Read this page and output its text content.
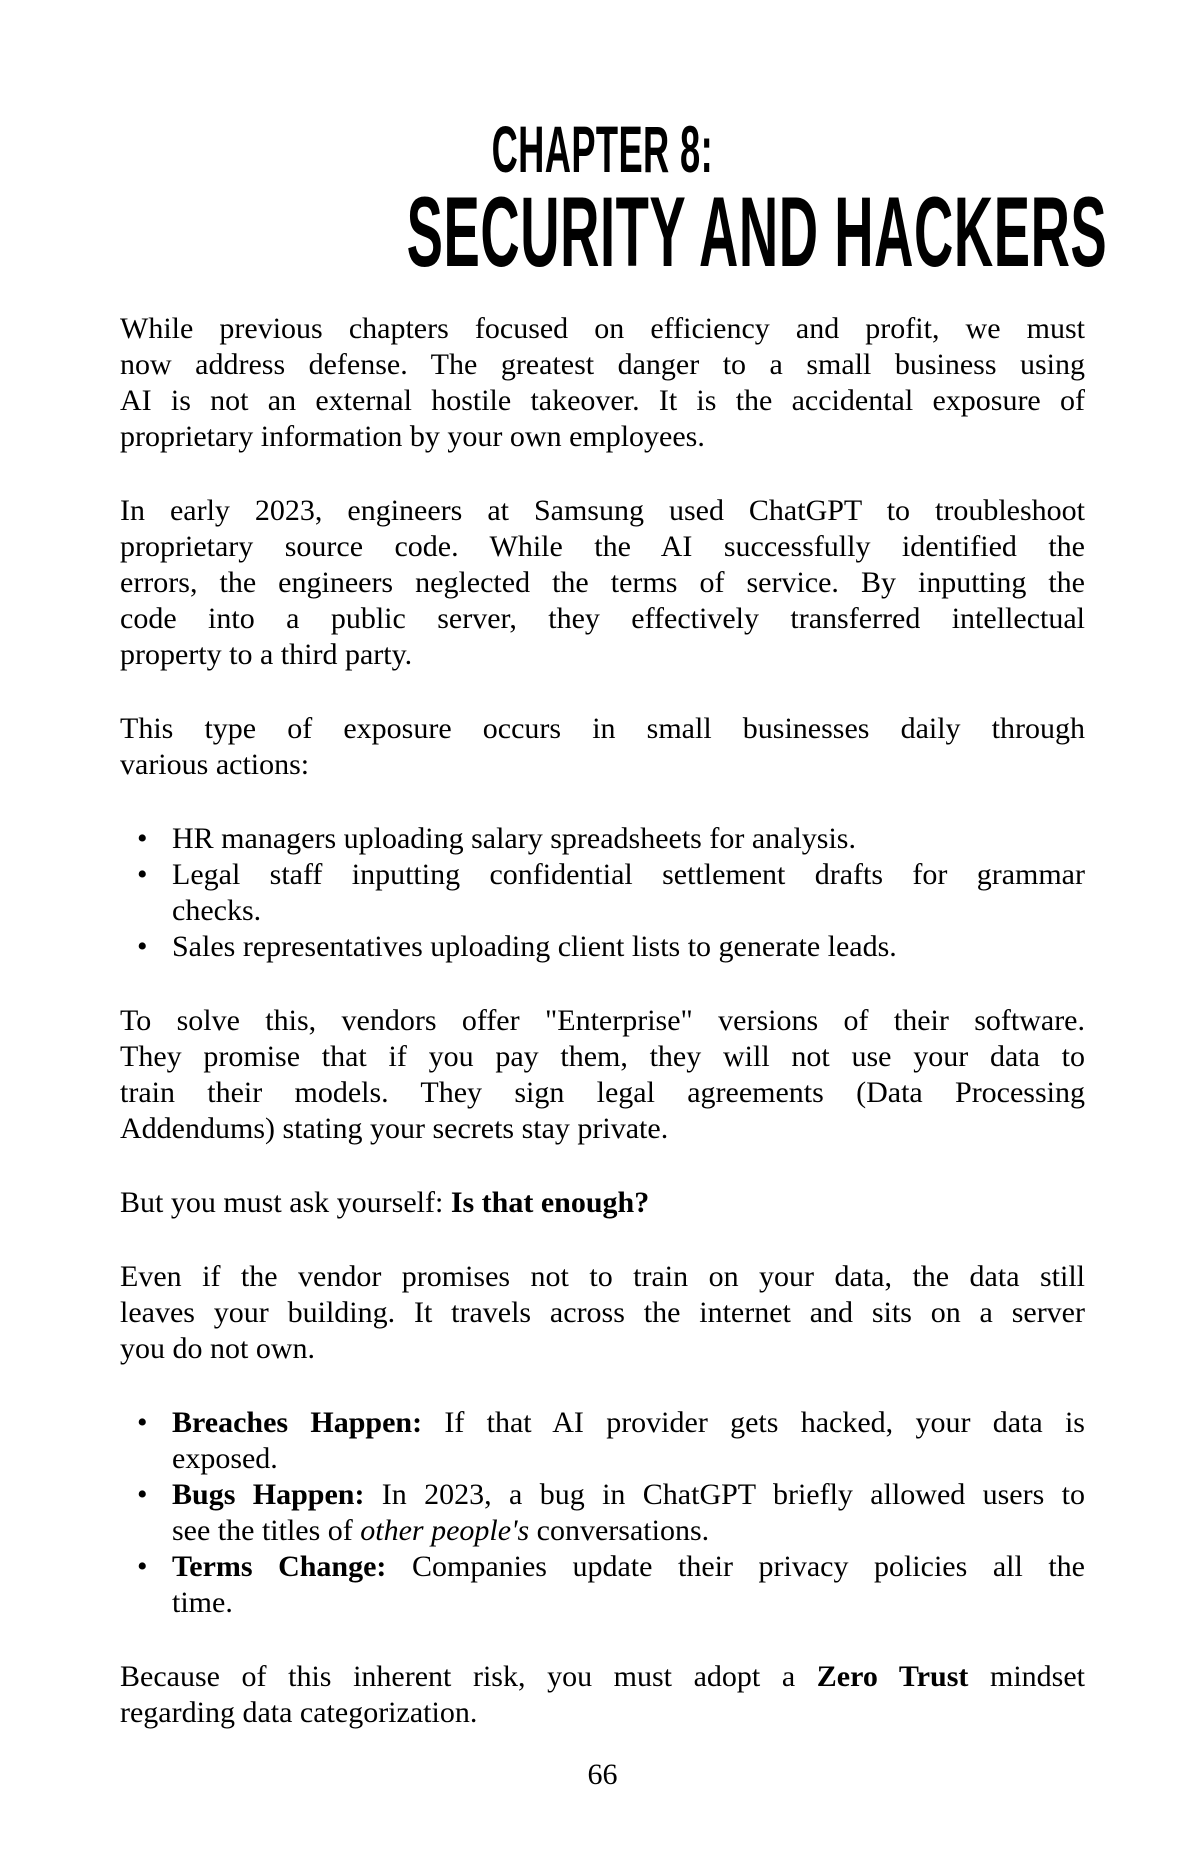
CHAPTER 8:
SECURITY AND HACKERS
While previous chapters focused on efficiency and profit, we must
now address defense. The greatest danger to a small business using
AI is not an external hostile takeover. It is the accidental exposure of
proprietary information by your own employees.
In early 2023, engineers at Samsung used ChatGPT to troubleshoot
proprietary source code. While the AI successfully identified the
errors, the engineers neglected the terms of service. By inputting the
code into a public server, they effectively transferred intellectual
property to a third party.
This type of exposure occurs in small businesses daily through
various actions:
• HR managers uploading salary spreadsheets for analysis.
• Legal staff inputting confidential settlement drafts for grammar
checks.
• Sales representatives uploading client lists to generate leads.
To solve this, vendors offer "Enterprise" versions of their software.
They promise that if you pay them, they will not use your data to
train their models. They sign legal agreements (Data Processing
Addendums) stating your secrets stay private.
But you must ask yourself: Is that enough?
Even if the vendor promises not to train on your data, the data still
leaves your building. It travels across the internet and sits on a server
you do not own.
• Breaches Happen: If that AI provider gets hacked, your data is
exposed.
• Bugs Happen: In 2023, a bug in ChatGPT briefly allowed users to
see the titles of other people's conversations.
• Terms Change: Companies update their privacy policies all the
time.
Because of this inherent risk, you must adopt a Zero Trust mindset
regarding data categorization.
66
